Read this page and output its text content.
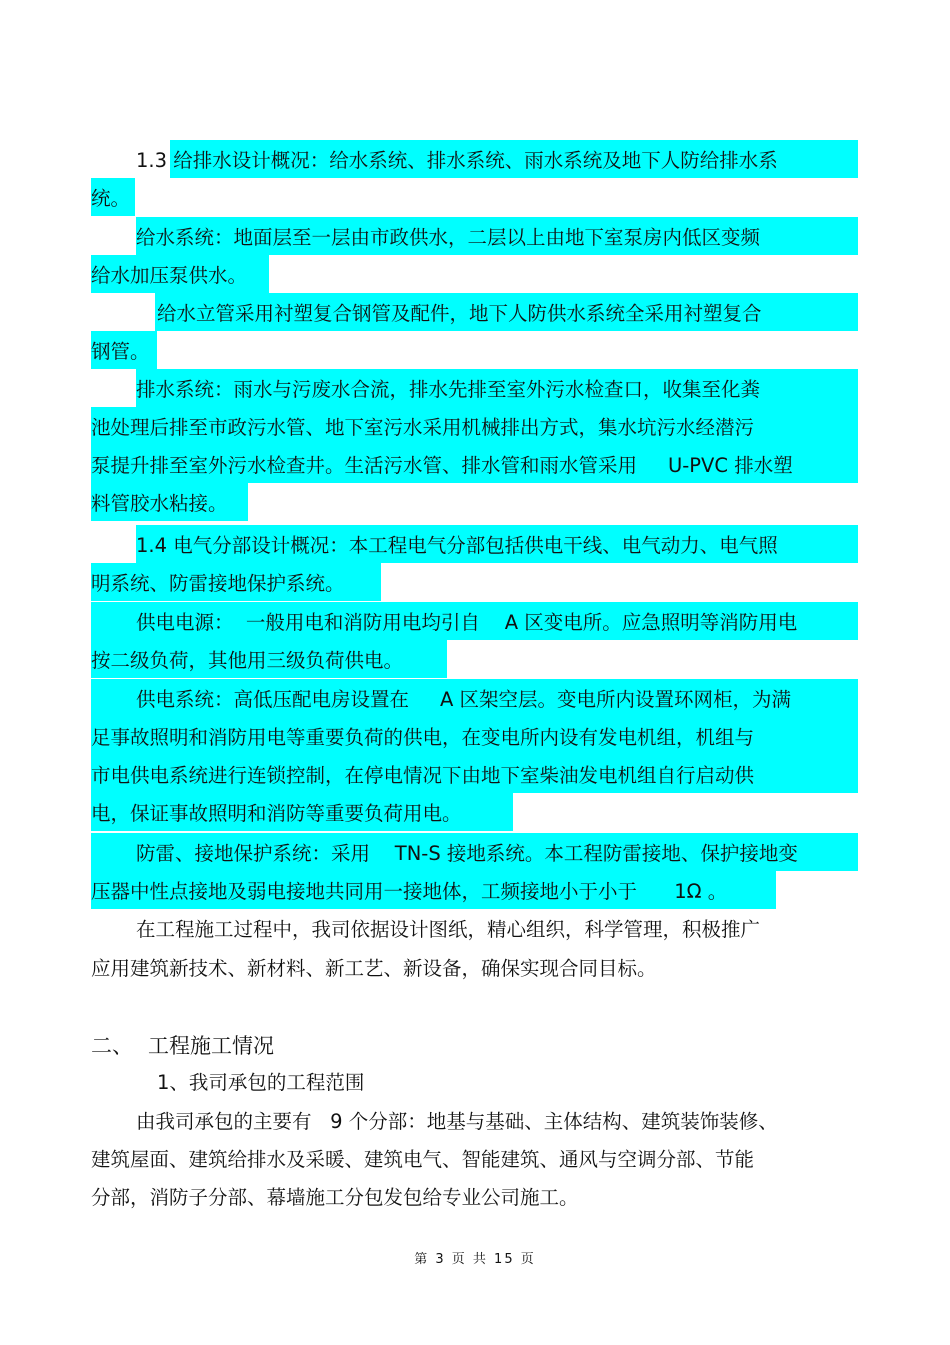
1.3 给排水设计概况：给水系统、排水系统、雨水系统及地下人防给排水系
统。
给水系统：地面层至一层由市政供水，二层以上由地下室泵房内低区变频
给水加压泵供水。
给水立管采用衬塑复合钢管及配件，地下人防供水系统全采用衬塑复合
钢管。
排水系统：雨水与污废水合流，排水先排至室外污水检查口，收集至化粪
池处理后排至市政污水管、地下室污水采用机械排出方式，集水坑污水经潜污
泵提升排至室外污水检查井。生活污水管、排水管和雨水管采用     U-PVC 排水塑
料管胶水粘接。
1.4 电气分部设计概况：本工程电气分部包括供电干线、电气动力、电气照
明系统、防雷接地保护系统。
供电电源：  一般用电和消防用电均引自    A 区变电所。应急照明等消防用电
按二级负荷，其他用三级负荷供电。
供电系统：高低压配电房设置在     A 区架空层。变电所内设置环网柜，为满
足事故照明和消防用电等重要负荷的供电，在变电所内设有发电机组，机组与
市电供电系统进行连锁控制，在停电情况下由地下室柴油发电机组自行启动供
电，保证事故照明和消防等重要负荷用电。
防雷、接地保护系统：采用    TN-S 接地系统。本工程防雷接地、保护接地变
压器中性点接地及弱电接地共同用一接地体，工频接地小于小于      1Ω 。
在工程施工过程中，我司依据设计图纸，精心组织，科学管理，积极推广
应用建筑新技术、新材料、新工艺、新设备，确保实现合同目标。
二、 工程施工情况
1、我司承包的工程范围
由我司承包的主要有   9 个分部：地基与基础、主体结构、建筑装饰装修、
建筑屋面、建筑给排水及采暖、建筑电气、智能建筑、通风与空调分部、节能
分部，消防子分部、幕墙施工分包发包给专业公司施工。
第 3 页 共 15 页
